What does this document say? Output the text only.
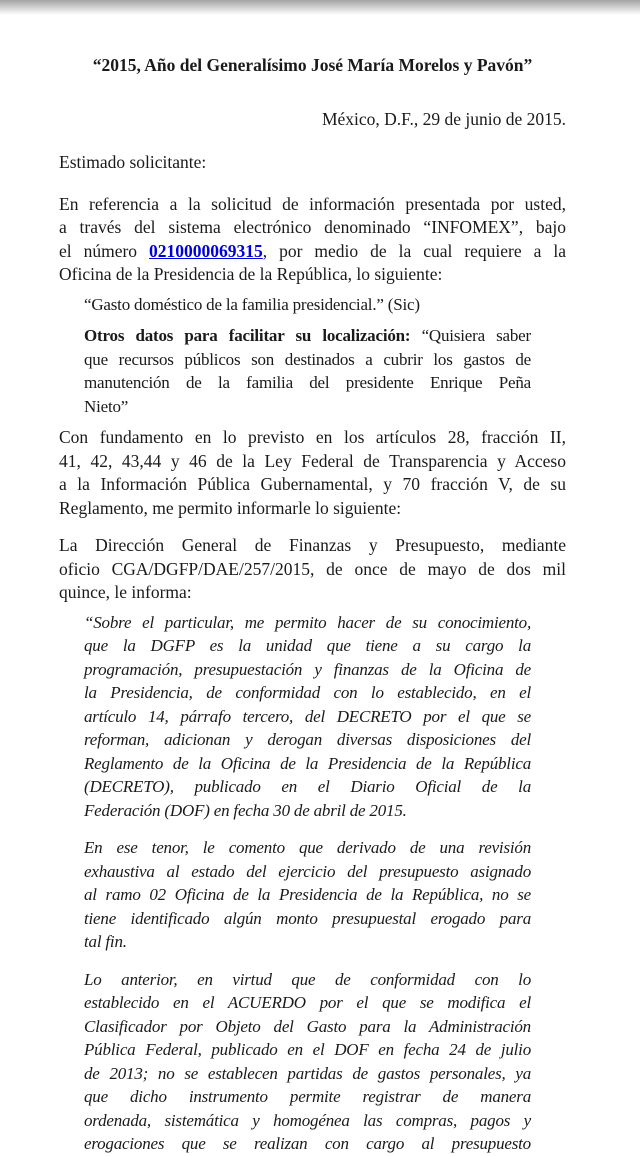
“2015, Año del Generalísimo José María Morelos y Pavón”
México, D.F., 29 de junio de 2015.
Estimado solicitante:
En referencia a la solicitud de información presentada por usted,
a través del sistema electrónico denominado “INFOMEX”, bajo
el número 0210000069315, por medio de la cual requiere a la
Oficina de la Presidencia de la República, lo siguiente:
“Gasto doméstico de la familia presidencial.” (Sic)
Otros datos para facilitar su localización: “Quisiera saber
que recursos públicos son destinados a cubrir los gastos de
manutención de la familia del presidente Enrique Peña
Nieto”
Con fundamento en lo previsto en los artículos 28, fracción II,
41, 42, 43,44 y 46 de la Ley Federal de Transparencia y Acceso
a la Información Pública Gubernamental, y 70 fracción V, de su
Reglamento, me permito informarle lo siguiente:
La Dirección General de Finanzas y Presupuesto, mediante
oficio CGA/DGFP/DAE/257/2015, de once de mayo de dos mil
quince, le informa:
“Sobre el particular, me permito hacer de su conocimiento,
que la DGFP es la unidad que tiene a su cargo la
programación, presupuestación y finanzas de la Oficina de
la Presidencia, de conformidad con lo establecido, en el
artículo 14, párrafo tercero, del DECRETO por el que se
reforman, adicionan y derogan diversas disposiciones del
Reglamento de la Oficina de la Presidencia de la República
(DECRETO), publicado en el Diario Oficial de la
Federación (DOF) en fecha 30 de abril de 2015.
En ese tenor, le comento que derivado de una revisión
exhaustiva al estado del ejercicio del presupuesto asignado
al ramo 02 Oficina de la Presidencia de la República, no se
tiene identificado algún monto presupuestal erogado para
tal fin.
Lo anterior, en virtud que de conformidad con lo
establecido en el ACUERDO por el que se modifica el
Clasificador por Objeto del Gasto para la Administración
Pública Federal, publicado en el DOF en fecha 24 de julio
de 2013; no se establecen partidas de gastos personales, ya
que dicho instrumento permite registrar de manera
ordenada, sistemática y homogénea las compras, pagos y
erogaciones que se realizan con cargo al presupuesto
